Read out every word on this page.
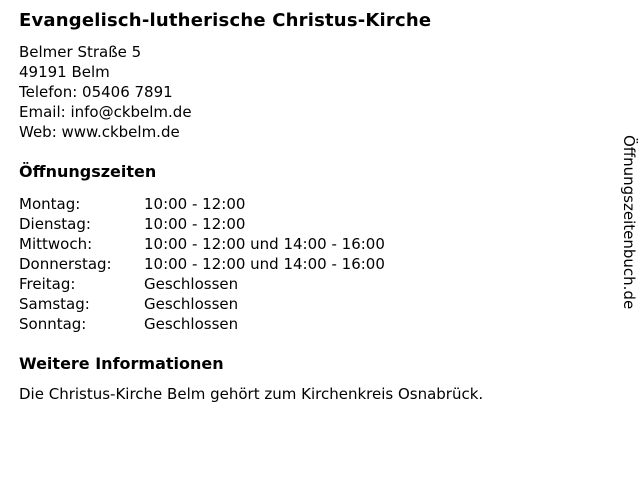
Evangelisch-lutherische Christus-Kirche
Belmer Straße 5
49191 Belm
Telefon: 05406 7891
Email: info@ckbelm.de
Web: www.ckbelm.de
Öffnungszeiten
Montag:	10:00 - 12:00
Dienstag:	10:00 - 12:00
Mittwoch:	10:00 - 12:00 und 14:00 - 16:00
Donnerstag:	10:00 - 12:00 und 14:00 - 16:00
Freitag:	Geschlossen
Samstag:	Geschlossen
Sonntag:	Geschlossen
Weitere Informationen

Die Christus-Kirche Belm gehört zum Kirchenkreis Osnabrück.

Öffnungszeitenbuch.de
